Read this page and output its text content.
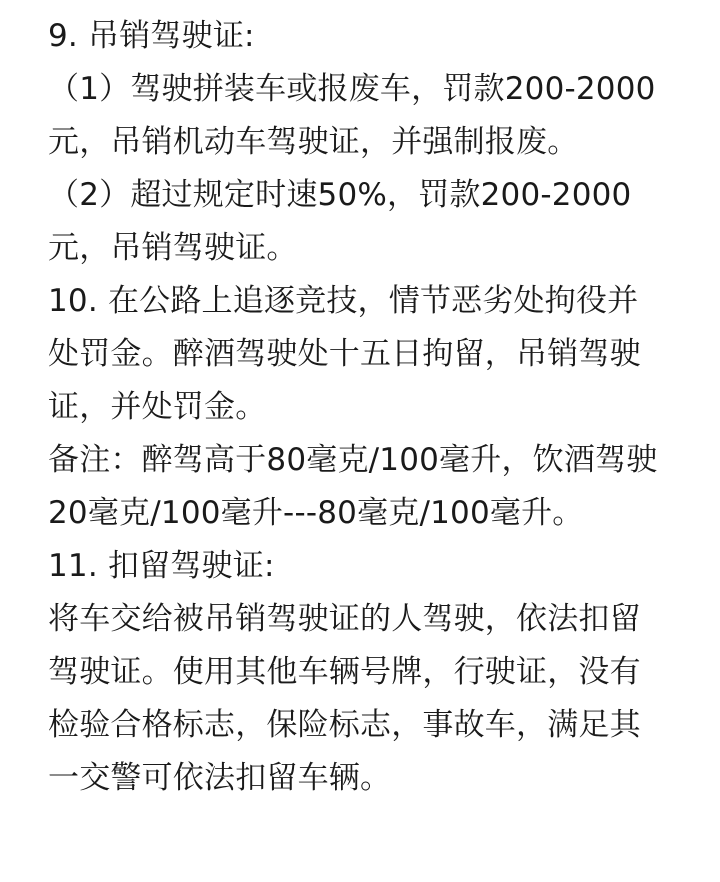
9. 吊销驾驶证:
（1）驾驶拼装车或报废车，罚款200-2000
元，吊销机动车驾驶证，并强制报废。
（2）超过规定时速50%，罚款200-2000
元，吊销驾驶证。
10. 在公路上追逐竞技，情节恶劣处拘役并
处罚金。醉酒驾驶处十五日拘留，吊销驾驶
证，并处罚金。
备注：醉驾高于80毫克/100毫升，饮酒驾驶
20毫克/100毫升---80毫克/100毫升。
11. 扣留驾驶证:
将车交给被吊销驾驶证的人驾驶，依法扣留
驾驶证。使用其他车辆号牌，行驶证，没有
检验合格标志，保险标志，事故车，满足其
一交警可依法扣留车辆。
